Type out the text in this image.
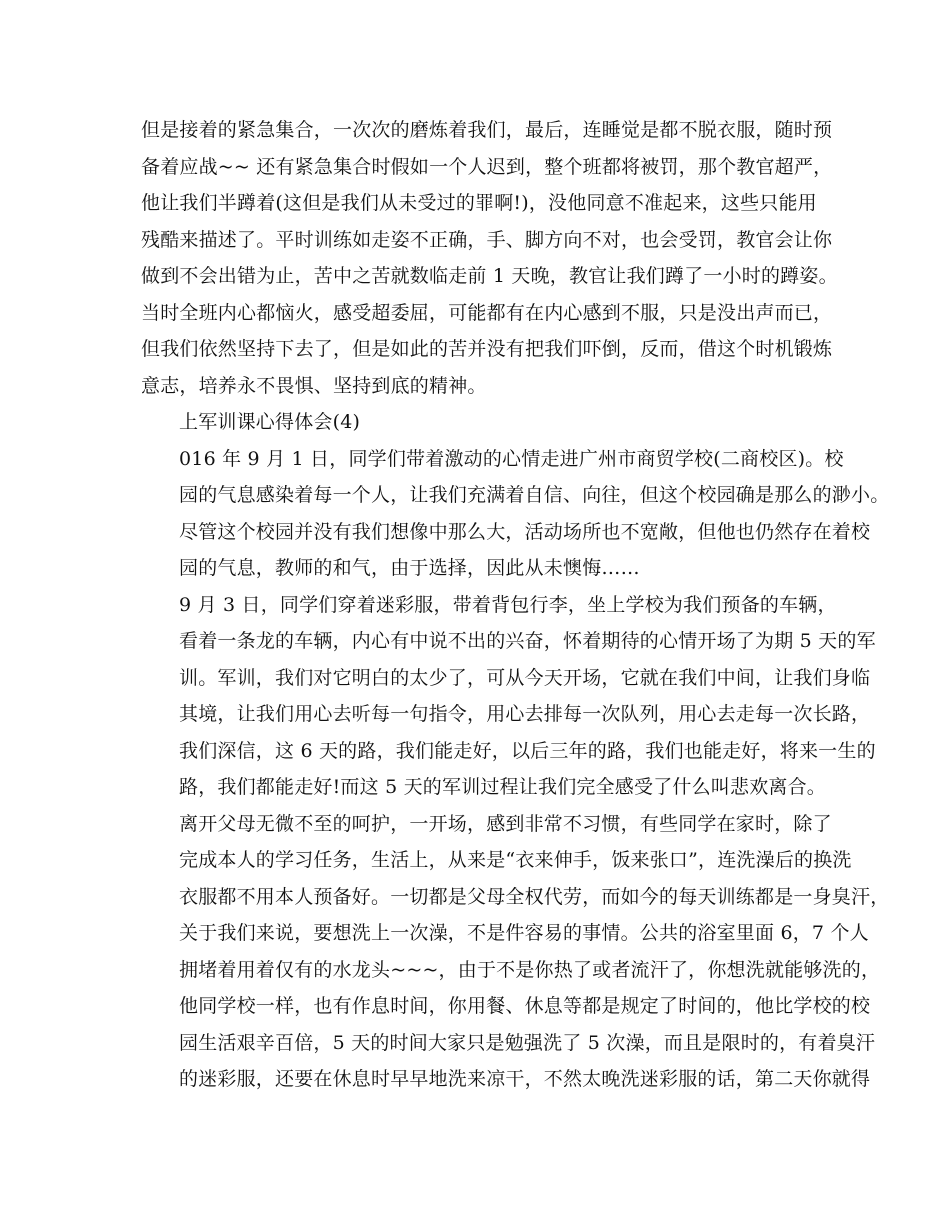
但是接着的紧急集合，一次次的磨炼着我们，最后，连睡觉是都不脱衣服，随时预
备着应战~~ 还有紧急集合时假如一个人迟到，整个班都将被罚，那个教官超严，
他让我们半蹲着(这但是我们从未受过的罪啊!)，没他同意不准起来，这些只能用
残酷来描述了。平时训练如走姿不正确，手、脚方向不对，也会受罚，教官会让你
做到不会出错为止，苦中之苦就数临走前 1 天晚，教官让我们蹲了一小时的蹲姿。
当时全班内心都恼火，感受超委屈，可能都有在内心感到不服，只是没出声而已，
但我们依然坚持下去了，但是如此的苦并没有把我们吓倒，反而，借这个时机锻炼
意志，培养永不畏惧、坚持到底的精神。

上军训课心得体会(4)

016 年 9 月 1 日，同学们带着激动的心情走进广州市商贸学校(二商校区)。校
园的气息感染着每一个人，让我们充满着自信、向往，但这个校园确是那么的渺小。
尽管这个校园并没有我们想像中那么大，活动场所也不宽敞，但他也仍然存在着校
园的气息，教师的和气，由于选择，因此从未懊悔……

9 月 3 日，同学们穿着迷彩服，带着背包行李，坐上学校为我们预备的车辆，
看着一条龙的车辆，内心有中说不出的兴奋，怀着期待的心情开场了为期 5 天的军
训。军训，我们对它明白的太少了，可从今天开场，它就在我们中间，让我们身临
其境，让我们用心去听每一句指令，用心去排每一次队列，用心去走每一次长路，
我们深信，这 6 天的路，我们能走好，以后三年的路，我们也能走好，将来一生的
路，我们都能走好!而这 5 天的军训过程让我们完全感受了什么叫悲欢离合。

离开父母无微不至的呵护，一开场，感到非常不习惯，有些同学在家时，除了
完成本人的学习任务，生活上，从来是“衣来伸手，饭来张口”，连洗澡后的换洗
衣服都不用本人预备好。一切都是父母全权代劳，而如今的每天训练都是一身臭汗，
关于我们来说，要想洗上一次澡，不是件容易的事情。公共的浴室里面 6，7 个人
拥堵着用着仅有的水龙头~~~，由于不是你热了或者流汗了，你想洗就能够洗的，
他同学校一样，也有作息时间，你用餐、休息等都是规定了时间的，他比学校的校
园生活艰辛百倍，5 天的时间大家只是勉强洗了 5 次澡，而且是限时的，有着臭汗
的迷彩服，还要在休息时早早地洗来凉干，不然太晚洗迷彩服的话，第二天你就得
